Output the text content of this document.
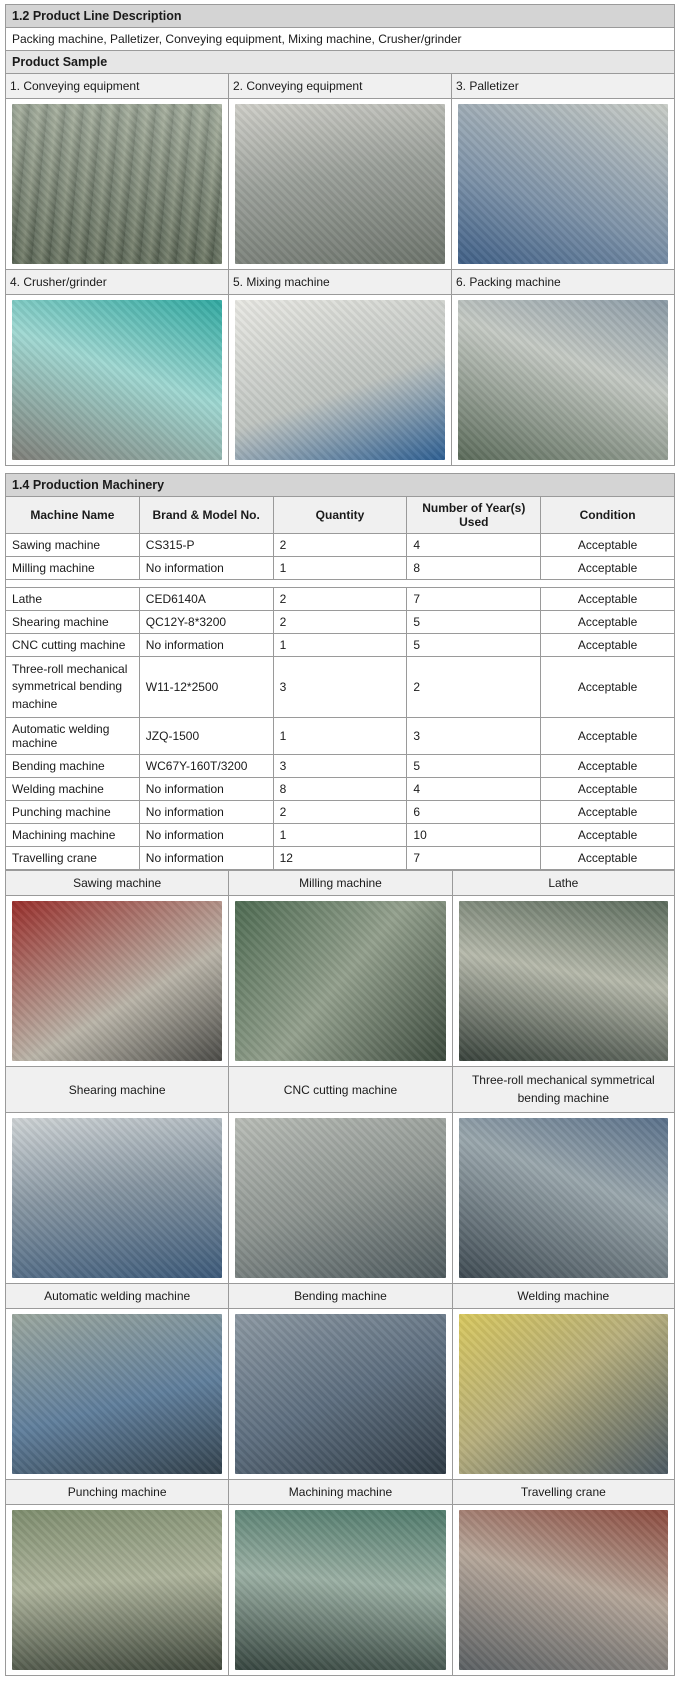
1.2 Product Line Description		
Packing machine, Palletizer, Conveying equipment, Mixing machine, Crusher/grinder		
Product Sample		
1. Conveying equipment	2. Conveying equipment	3. Palletizer

4. Crusher/grinder	5. Mixing machine	6. Packing machine

1.4 Production Machinery				
Machine Name	Brand & Model No.	Quantity	Number of Year(s) Used	Condition
Sawing machine	CS315-P	2	4	Acceptable
Milling machine	No information	1	8	Acceptable

Lathe	CED6140A	2	7	Acceptable
Shearing machine	QC12Y-8*3200	2	5	Acceptable
CNC cutting machine	No information	1	5	Acceptable
Three-roll mechanical symmetrical bending machine	W11-12*2500	3	2	Acceptable
Automatic welding machine	JZQ-1500	1	3	Acceptable
Bending machine	WC67Y-160T/3200	3	5	Acceptable
Welding machine	No information	8	4	Acceptable
Punching machine	No information	2	6	Acceptable
Machining machine	No information	1	10	Acceptable
Travelling crane	No information	12	7	Acceptable
Sawing machine	Milling machine	Lathe

Shearing machine	CNC cutting machine	Three-roll mechanical symmetrical bending machine

Automatic welding machine	Bending machine	Welding machine

Punching machine	Machining machine	Travelling crane
